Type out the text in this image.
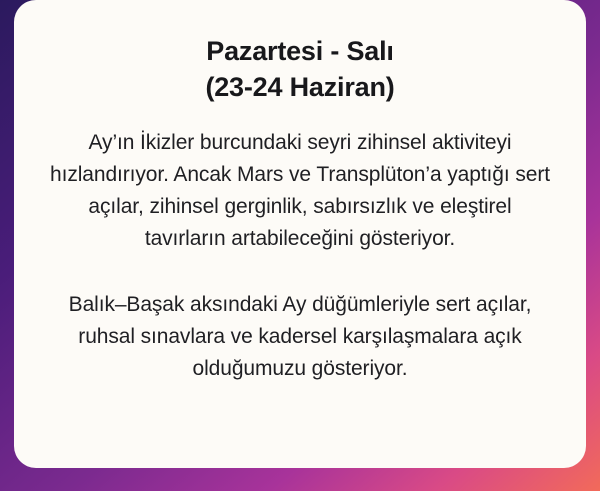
Pazartesi - Salı
(23-24 Haziran)
Ay’ın İkizler burcundaki seyri zihinsel aktiviteyi hızlandırıyor. Ancak Mars ve Transplüton’a yaptığı sert açılar, zihinsel gerginlik, sabırsızlık ve eleştirel tavırların artabileceğini gösteriyor.
Balık–Başak aksındaki Ay düğümleriyle sert açılar, ruhsal sınavlara ve kadersel karşılaşmalara açık olduğumuzu gösteriyor.
